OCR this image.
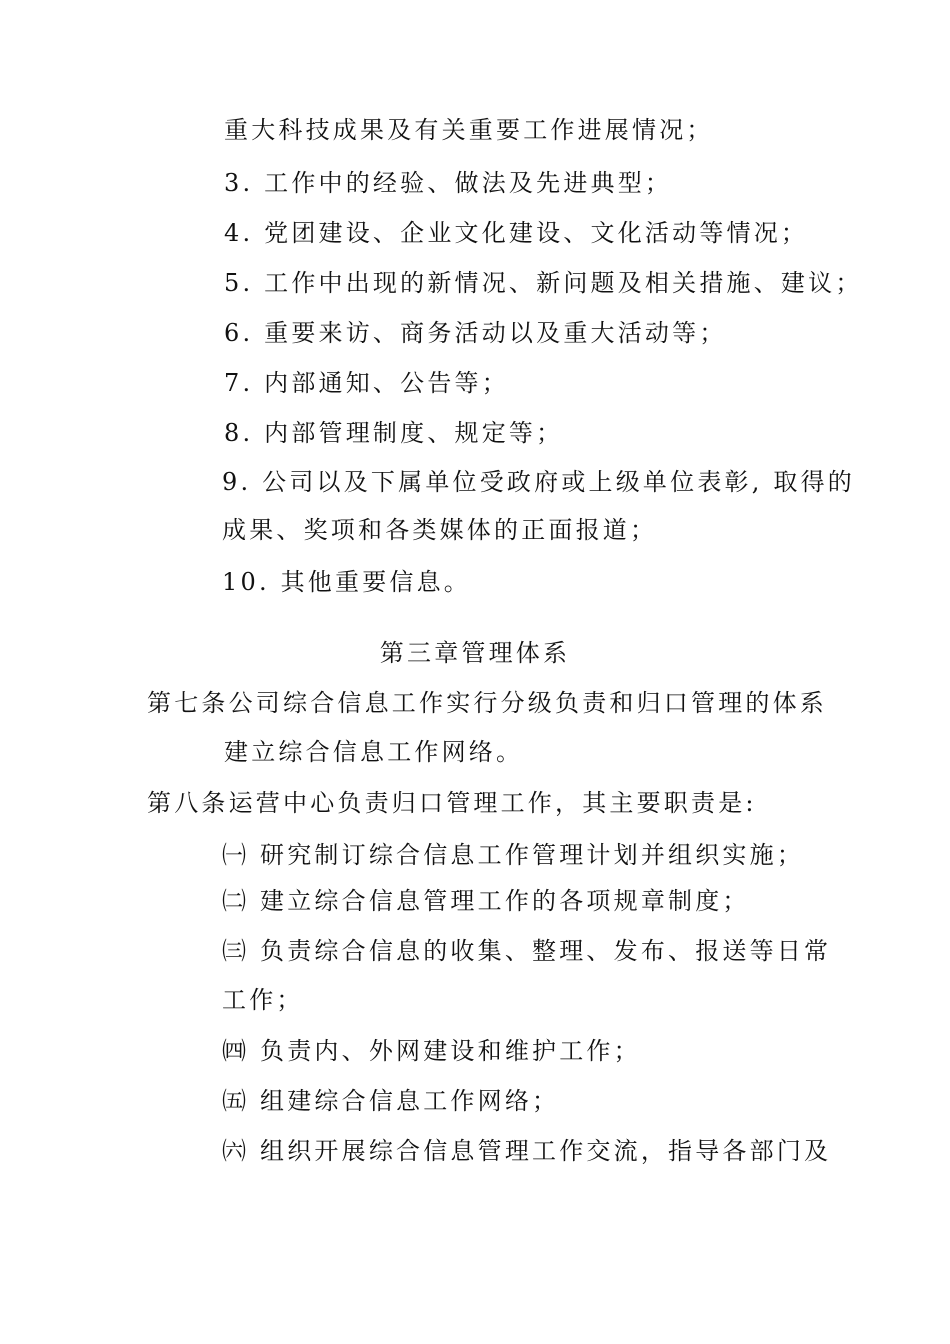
重大科技成果及有关重要工作进展情况；
3. 工作中的经验、做法及先进典型；
4. 党团建设、企业文化建设、文化活动等情况；
5. 工作中出现的新情况、新问题及相关措施、建议；
6. 重要来访、商务活动以及重大活动等；
7. 内部通知、公告等；
8. 内部管理制度、规定等；
9. 公司以及下属单位受政府或上级单位表彰, 取得的
成果、奖项和各类媒体的正面报道；
10. 其他重要信息。
第三章管理体系
第七条公司综合信息工作实行分级负责和归口管理的体系
建立综合信息工作网络。
第八条运营中心负责归口管理工作，其主要职责是:
㈠ 研究制订综合信息工作管理计划并组织实施；
㈡ 建立综合信息管理工作的各项规章制度；
㈢ 负责综合信息的收集、整理、发布、报送等日常
工作；
㈣ 负责内、外网建设和维护工作；
㈤ 组建综合信息工作网络；
㈥ 组织开展综合信息管理工作交流，指导各部门及
